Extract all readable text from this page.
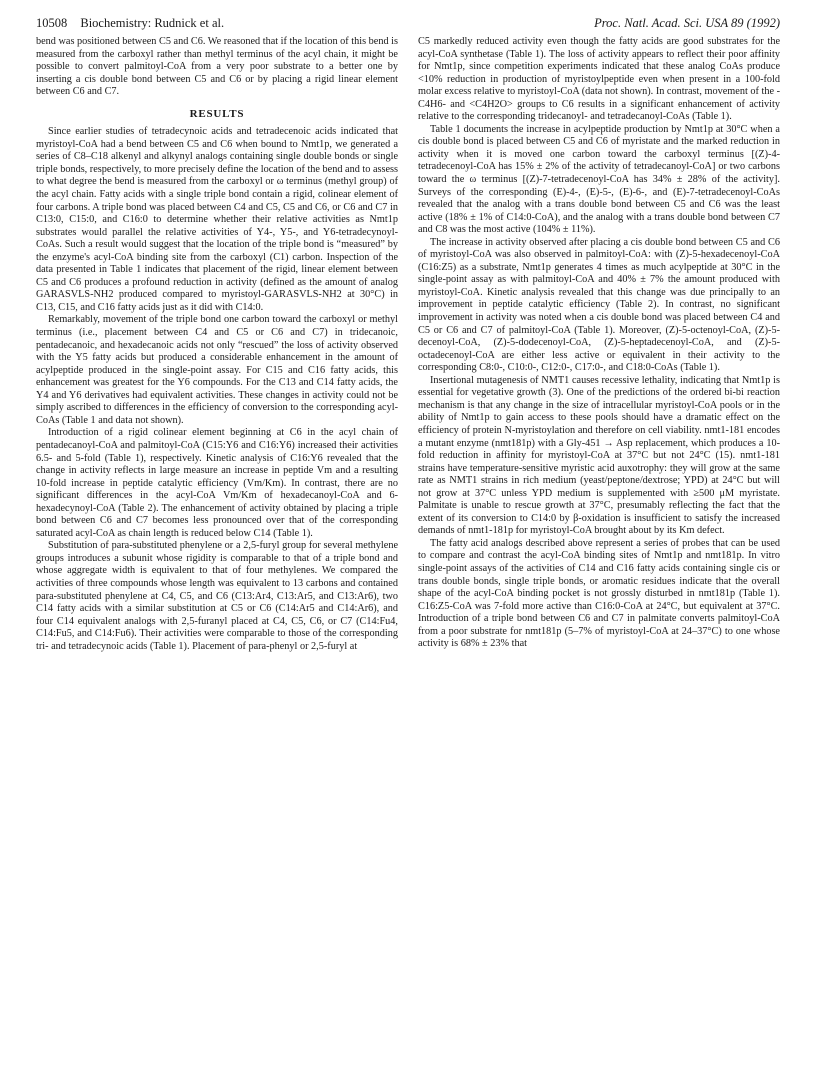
10508 Biochemistry: Rudnick et al.	Proc. Natl. Acad. Sci. USA 89 (1992)

bend was positioned between C5 and C6. We reasoned that if the location of this bend is measured from the carboxyl rather than methyl terminus of the acyl chain, it might be possible to convert palmitoyl-CoA from a very poor substrate to a better one by inserting a cis double bond between C5 and C6 or by placing a rigid linear element between C6 and C7.

RESULTS

Since earlier studies of tetradecynoic acids and tetradecenoic acids indicated that myristoyl-CoA had a bend between C5 and C6 when bound to Nmt1p, we generated a series of C8–C18 alkenyl and alkynyl analogs containing single double bonds or single triple bonds, respectively, to more precisely define the location of the bend and to assess to what degree the bend is measured from the carboxyl or ω terminus (methyl group) of the acyl chain. Fatty acids with a single triple bond contain a rigid, colinear element of four carbons. A triple bond was placed between C4 and C5, C5 and C6, or C6 and C7 in C13:0, C15:0, and C16:0 to determine whether their relative activities as Nmt1p substrates would parallel the relative activities of Y4-, Y5-, and Y6-tetradecynoyl-CoAs. Such a result would suggest that the location of the triple bond is “measured” by the enzyme's acyl-CoA binding site from the carboxyl (C1) carbon. Inspection of the data presented in Table 1 indicates that placement of the rigid, linear element between C5 and C6 produces a profound reduction in activity (defined as the amount of analog GARASVLS-NH2 produced compared to myristoyl-GARASVLS-NH2 at 30°C) in C13, C15, and C16 fatty acids just as it did with C14:0.

Remarkably, movement of the triple bond one carbon toward the carboxyl or methyl terminus (i.e., placement between C4 and C5 or C6 and C7) in tridecanoic, pentadecanoic, and hexadecanoic acids not only “rescued” the loss of activity observed with the Y5 fatty acids but produced a considerable enhancement in the amount of acylpeptide produced in the single-point assay. For C15 and C16 fatty acids, this enhancement was greatest for the Y6 compounds. For the C13 and C14 fatty acids, the Y4 and Y6 derivatives had equivalent activities. These changes in activity could not be simply ascribed to differences in the efficiency of conversion to the corresponding acyl-CoAs (Table 1 and data not shown).

Introduction of a rigid colinear element beginning at C6 in the acyl chain of pentadecanoyl-CoA and palmitoyl-CoA (C15:Y6 and C16:Y6) increased their activities 6.5- and 5-fold (Table 1), respectively. Kinetic analysis of C16:Y6 revealed that the change in activity reflects in large measure an increase in peptide Vm and a resulting 10-fold increase in peptide catalytic efficiency (Vm/Km). In contrast, there are no significant differences in the acyl-CoA Vm/Km of hexadecanoyl-CoA and 6-hexadecynoyl-CoA (Table 2). The enhancement of activity obtained by placing a triple bond between C6 and C7 becomes less pronounced over that of the corresponding saturated acyl-CoA as chain length is reduced below C14 (Table 1).

Substitution of para-substituted phenylene or a 2,5-furyl group for several methylene groups introduces a subunit whose rigidity is comparable to that of a triple bond and whose aggregate width is equivalent to that of four methylenes. We compared the activities of three compounds whose length was equivalent to 13 carbons and contained para-substituted phenylene at C4, C5, and C6 (C13:Ar4, C13:Ar5, and C13:Ar6), two C14 fatty acids with a similar substitution at C5 or C6 (C14:Ar5 and C14:Ar6), and four C14 equivalent analogs with 2,5-furanyl placed at C4, C5, C6, or C7 (C14:Fu4, C14:Fu5, and C14:Fu6). Their activities were comparable to those of the corresponding tri- and tetradecynoic acids (Table 1). Placement of para-phenyl or 2,5-furyl at

C5 markedly reduced activity even though the fatty acids are good substrates for the acyl-CoA synthetase (Table 1). The loss of activity appears to reflect their poor affinity for Nmt1p, since competition experiments indicated that these analog CoAs produce <10% reduction in production of myristoylpeptide even when present in a 100-fold molar excess relative to myristoyl-CoA (data not shown). In contrast, movement of the -C4H6- and <C4H2O> groups to C6 results in a significant enhancement of activity relative to the corresponding tridecanoyl- and tetradecanoyl-CoAs (Table 1).

Table 1 documents the increase in acylpeptide production by Nmt1p at 30°C when a cis double bond is placed between C5 and C6 of myristate and the marked reduction in activity when it is moved one carbon toward the carboxyl terminus [(Z)-4-tetradecenoyl-CoA has 15% ± 2% of the activity of tetradecanoyl-CoA] or two carbons toward the ω terminus [(Z)-7-tetradecenoyl-CoA has 34% ± 28% of the activity]. Surveys of the corresponding (E)-4-, (E)-5-, (E)-6-, and (E)-7-tetradecenoyl-CoAs revealed that the analog with a trans double bond between C5 and C6 was the least active (18% ± 1% of C14:0-CoA), and the analog with a trans double bond between C7 and C8 was the most active (104% ± 11%).

The increase in activity observed after placing a cis double bond between C5 and C6 of myristoyl-CoA was also observed in palmitoyl-CoA: with (Z)-5-hexadecenoyl-CoA (C16:Z5) as a substrate, Nmt1p generates 4 times as much acylpeptide at 30°C in the single-point assay as with palmitoyl-CoA and 40% ± 7% the amount produced with myristoyl-CoA. Kinetic analysis revealed that this change was due principally to an improvement in peptide catalytic efficiency (Table 2). In contrast, no significant improvement in activity was noted when a cis double bond was placed between C4 and C5 or C6 and C7 of palmitoyl-CoA (Table 1). Moreover, (Z)-5-octenoyl-CoA, (Z)-5-decenoyl-CoA, (Z)-5-dodecenoyl-CoA, (Z)-5-heptadecenoyl-CoA, and (Z)-5-octadecenoyl-CoA are either less active or equivalent in their activity to the corresponding C8:0-, C10:0-, C12:0-, C17:0-, and C18:0-CoAs (Table 1).

Insertional mutagenesis of NMT1 causes recessive lethality, indicating that Nmt1p is essential for vegetative growth (3). One of the predictions of the ordered bi-bi reaction mechanism is that any change in the size of intracellular myristoyl-CoA pools or in the ability of Nmt1p to gain access to these pools should have a dramatic effect on the efficiency of protein N-myristoylation and therefore on cell viability. nmt1-181 encodes a mutant enzyme (nmt181p) with a Gly-451 → Asp replacement, which produces a 10-fold reduction in affinity for myristoyl-CoA at 37°C but not 24°C (15). nmt1-181 strains have temperature-sensitive myristic acid auxotrophy: they will grow at the same rate as NMT1 strains in rich medium (yeast/peptone/dextrose; YPD) at 24°C but will not grow at 37°C unless YPD medium is supplemented with ≥500 μM myristate. Palmitate is unable to rescue growth at 37°C, presumably reflecting the fact that the extent of its conversion to C14:0 by β-oxidation is insufficient to satisfy the increased demands of nmt1-181p for myristoyl-CoA brought about by its Km defect.

The fatty acid analogs described above represent a series of probes that can be used to compare and contrast the acyl-CoA binding sites of Nmt1p and nmt181p. In vitro single-point assays of the activities of C14 and C16 fatty acids containing single cis or trans double bonds, single triple bonds, or aromatic residues indicate that the overall shape of the acyl-CoA binding pocket is not grossly disturbed in nmt181p (Table 1). C16:Z5-CoA was 7-fold more active than C16:0-CoA at 24°C, but equivalent at 37°C. Introduction of a triple bond between C6 and C7 in palmitate converts palmitoyl-CoA from a poor substrate for nmt181p (5–7% of myristoyl-CoA at 24–37°C) to one whose activity is 68% ± 23% that
